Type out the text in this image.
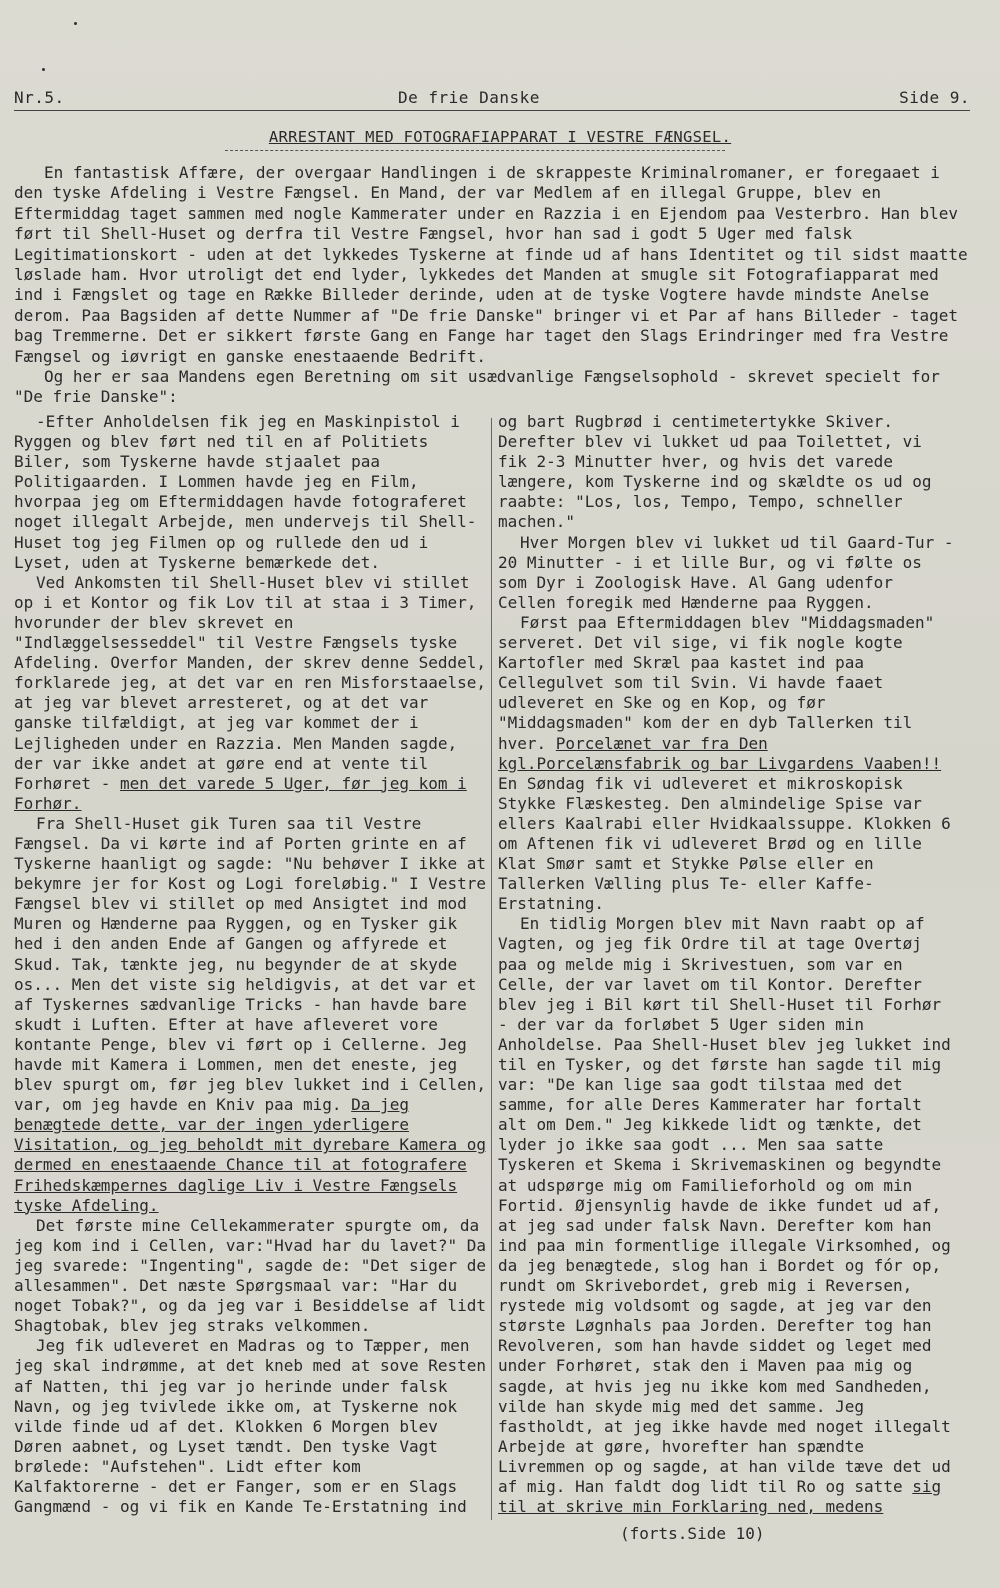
Nr.5.	De frie Danske	Side 9.
ARRESTANT MED FOTOGRAFIAPPARAT I VESTRE FÆNGSEL.

En fantastisk Affære, der overgaar Handlingen i de skrappeste Kriminalromaner, er foregaaet i den tyske Afdeling i Vestre Fængsel. En Mand, der var Medlem af en illegal Gruppe, blev en Eftermiddag taget sammen med nogle Kammerater under en Razzia i en Ejendom paa Vesterbro. Han blev ført til Shell-Huset og derfra til Vestre Fængsel, hvor han sad i godt 5 Uger med falsk Legitimationskort - uden at det lykkedes Tyskerne at finde ud af hans Identitet og til sidst maatte løslade ham. Hvor utroligt det end lyder, lykkedes det Manden at smugle sit Fotografiapparat med ind i Fængslet og tage en Række Billeder derinde, uden at de tyske Vogtere havde mindste Anelse derom. Paa Bagsiden af dette Nummer af "De frie Danske" bringer vi et Par af hans Billeder - taget bag Tremmerne. Det er sikkert første Gang en Fange har taget den Slags Erindringer med fra Vestre Fængsel og iøvrigt en ganske enestaaende Bedrift.

Og her er saa Mandens egen Beretning om sit usædvanlige Fængselsophold - skrevet specielt for "De frie Danske":

-Efter Anholdelsen fik jeg en Maskinpistol i Ryggen og blev ført ned til en af Politiets Biler, som Tyskerne havde stjaalet paa Politigaarden. I Lommen havde jeg en Film, hvorpaa jeg om Eftermiddagen havde fotograferet noget illegalt Arbejde, men undervejs til Shell-Huset tog jeg Filmen op og rullede den ud i Lyset, uden at Tyskerne bemærkede det.

Ved Ankomsten til Shell-Huset blev vi stillet op i et Kontor og fik Lov til at staa i 3 Timer, hvorunder der blev skrevet en "Indlæggelsesseddel" til Vestre Fængsels tyske Afdeling. Overfor Manden, der skrev denne Seddel, forklarede jeg, at det var en ren Misforstaaelse, at jeg var blevet arresteret, og at det var ganske tilfældigt, at jeg var kommet der i Lejligheden under en Razzia. Men Manden sagde, der var ikke andet at gøre end at vente til Forhøret - men det varede 5 Uger, før jeg kom i Forhør.

Fra Shell-Huset gik Turen saa til Vestre Fængsel. Da vi kørte ind af Porten grinte en af Tyskerne haanligt og sagde: "Nu behøver I ikke at bekymre jer for Kost og Logi foreløbig." I Vestre Fængsel blev vi stillet op med Ansigtet ind mod Muren og Hænderne paa Ryggen, og en Tysker gik hed i den anden Ende af Gangen og affyrede et Skud. Tak, tænkte jeg, nu begynder de at skyde os... Men det viste sig heldigvis, at det var et af Tyskernes sædvanlige Tricks - han havde bare skudt i Luften. Efter at have afleveret vore kontante Penge, blev vi ført op i Cellerne. Jeg havde mit Kamera i Lommen, men det eneste, jeg blev spurgt om, før jeg blev lukket ind i Cellen, var, om jeg havde en Kniv paa mig. Da jeg benægtede dette, var der ingen yderligere Visitation, og jeg beholdt mit dyrebare Kamera og dermed en enestaaende Chance til at fotografere Frihedskæmpernes daglige Liv i Vestre Fængsels tyske Afdeling.

Det første mine Cellekammerater spurgte om, da jeg kom ind i Cellen, var:"Hvad har du lavet?" Da jeg svarede: "Ingenting", sagde de: "Det siger de allesammen". Det næste Spørgsmaal var: "Har du noget Tobak?", og da jeg var i Besiddelse af lidt Shagtobak, blev jeg straks velkommen.

Jeg fik udleveret en Madras og to Tæpper, men jeg skal indrømme, at det kneb med at sove Resten af Natten, thi jeg var jo herinde under falsk Navn, og jeg tvivlede ikke om, at Tyskerne nok vilde finde ud af det. Klokken 6 Morgen blev Døren aabnet, og Lyset tændt. Den tyske Vagt brølede: "Aufstehen". Lidt efter kom Kalfaktorerne - det er Fanger, som er en Slags Gangmænd - og vi fik en Kande Te-Erstatning ind

og bart Rugbrød i centimetertykke Skiver. Derefter blev vi lukket ud paa Toilettet, vi fik 2-3 Minutter hver, og hvis det varede længere, kom Tyskerne ind og skældte os ud og raabte: "Los, los, Tempo, Tempo, schneller machen."

Hver Morgen blev vi lukket ud til Gaard-Tur - 20 Minutter - i et lille Bur, og vi følte os som Dyr i Zoologisk Have. Al Gang udenfor Cellen foregik med Hænderne paa Ryggen.

Først paa Eftermiddagen blev "Middagsmaden" serveret. Det vil sige, vi fik nogle kogte Kartofler med Skræl paa kastet ind paa Cellegulvet som til Svin. Vi havde faaet udleveret en Ske og en Kop, og før "Middagsmaden" kom der en dyb Tallerken til hver. Porcelænet var fra Den kgl.Porcelænsfabrik og bar Livgardens Vaaben!! En Søndag fik vi udleveret et mikroskopisk Stykke Flæskesteg. Den almindelige Spise var ellers Kaalrabi eller Hvidkaalssuppe. Klokken 6 om Aftenen fik vi udleveret Brød og en lille Klat Smør samt et Stykke Pølse eller en Tallerken Vælling plus Te- eller Kaffe-Erstatning.

En tidlig Morgen blev mit Navn raabt op af Vagten, og jeg fik Ordre til at tage Overtøj paa og melde mig i Skrivestuen, som var en Celle, der var lavet om til Kontor. Derefter blev jeg i Bil kørt til Shell-Huset til Forhør - der var da forløbet 5 Uger siden min Anholdelse. Paa Shell-Huset blev jeg lukket ind til en Tysker, og det første han sagde til mig var: "De kan lige saa godt tilstaa med det samme, for alle Deres Kammerater har fortalt alt om Dem." Jeg kikkede lidt og tænkte, det lyder jo ikke saa godt ... Men saa satte Tyskeren et Skema i Skrivemaskinen og begyndte at udspørge mig om Familieforhold og om min Fortid. Øjensynlig havde de ikke fundet ud af, at jeg sad under falsk Navn. Derefter kom han ind paa min formentlige illegale Virksomhed, og da jeg benægtede, slog han i Bordet og fór op, rundt om Skrivebordet, greb mig i Reversen, rystede mig voldsomt og sagde, at jeg var den største Løgnhals paa Jorden. Derefter tog han Revolveren, som han havde siddet og leget med under Forhøret, stak den i Maven paa mig og sagde, at hvis jeg nu ikke kom med Sandheden, vilde han skyde mig med det samme. Jeg fastholdt, at jeg ikke havde med noget illegalt Arbejde at gøre, hvorefter han spændte Livremmen op og sagde, at han vilde tæve det ud af mig. Han faldt dog lidt til Ro og satte sig til at skrive min Forklaring ned, medens

(forts.Side 10)
